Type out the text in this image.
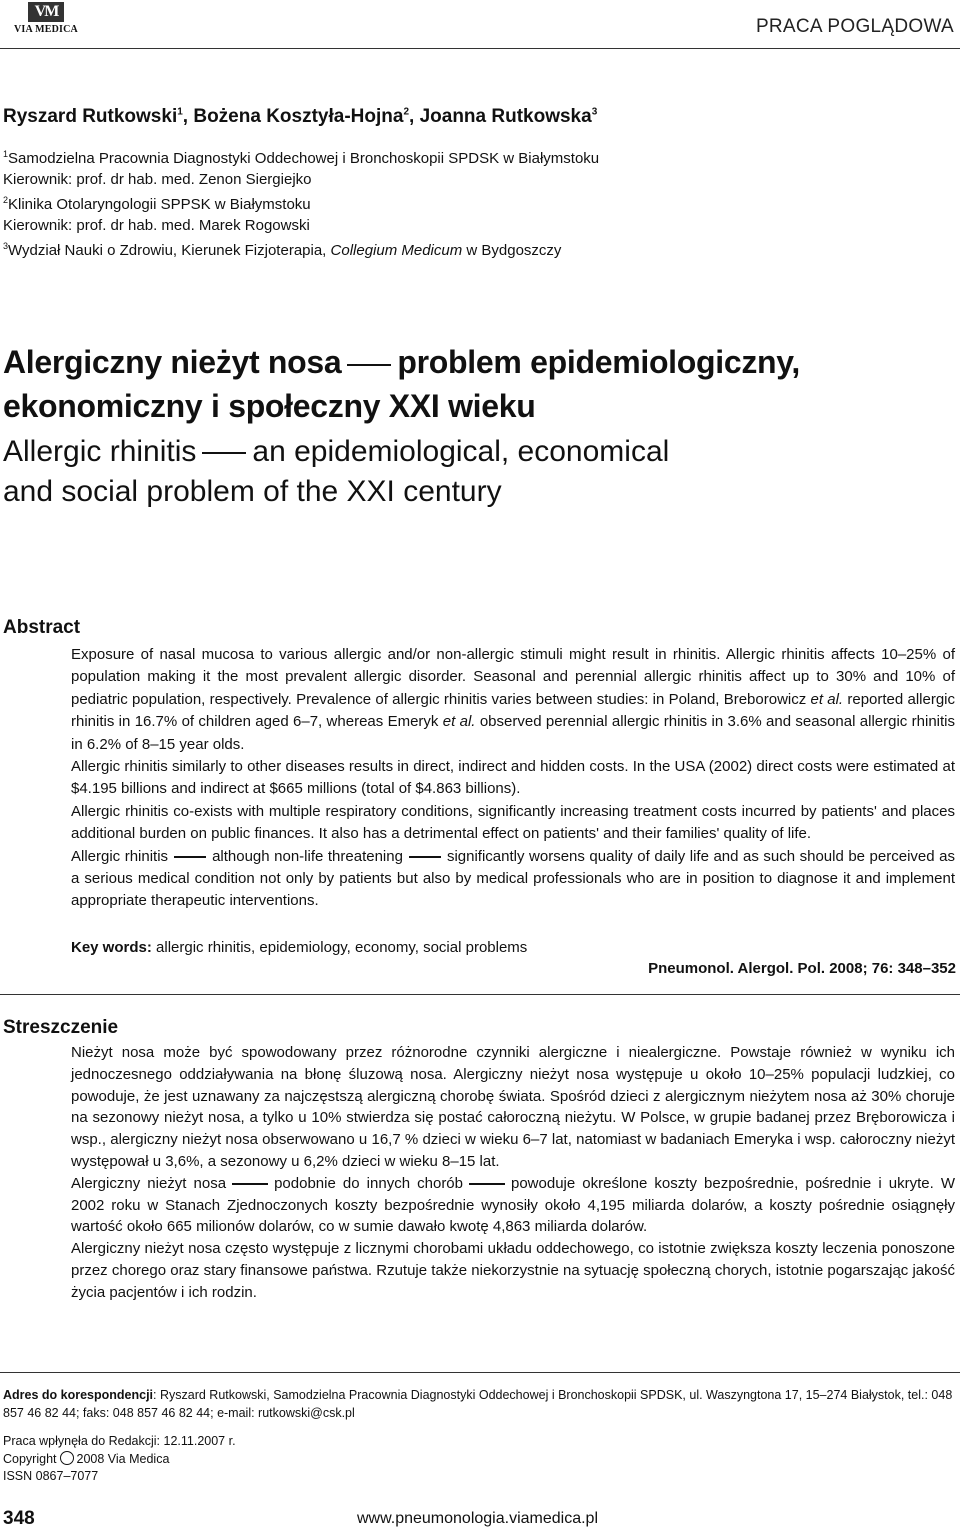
VM
VIA MEDICA	PRACA POGLĄDOWA
Ryszard Rutkowski$^1$, Bożena Kosztyła-Hojna$^2$, Joanna Rutkowska$^3$
$^1$Samodzielna Pracownia Diagnostyki Oddechowej i Bronchoskopii SPDSK w Białymstoku
Kierownik: prof. dr hab. med. Zenon Siergiejko
$^2$Klinika Otolaryngologii SPPSK w Białymstoku
Kierownik: prof. dr hab. med. Marek Rogowski
$^3$Wydział Nauki o Zdrowiu, Kierunek Fizjoterapia, Collegium Medicum w Bydgoszczy
Alergiczny nieżyt nosa problem epidemiologiczny,
ekonomiczny i społeczny XXI wieku
Allergic rhinitis an epidemiological, economical
and social problem of the XXI century
Abstract

Exposure of nasal mucosa to various allergic and/or non-allergic stimuli might result in rhinitis. Allergic rhinitis affects 10–25% of population making it the most prevalent allergic disorder. Seasonal and perennial allergic rhinitis affect up to 30% and 10% of pediatric population, respectively. Prevalence of allergic rhinitis varies between studies: in Poland, Breborowicz et al. reported allergic rhinitis in 16.7% of children aged 6–7, whereas Emeryk et al. observed perennial allergic rhinitis in 3.6% and seasonal allergic rhinitis in 6.2% of 8–15 year olds.

Allergic rhinitis similarly to other diseases results in direct, indirect and hidden costs. In the USA (2002) direct costs were estimated at $4.195 billions and indirect at $665 millions (total of $4.863 billions).

Allergic rhinitis co-exists with multiple respiratory conditions, significantly increasing treatment costs incurred by patients' and places additional burden on public finances. It also has a detrimental effect on patients' and their families' quality of life.

Allergic rhinitis	although non-life threatening	significantly worsens quality of daily life and as such should be perceived as a serious medical condition not only by patients but also by medical professionals who are in position to diagnose it and implement appropriate therapeutic interventions.

Key words: allergic rhinitis, epidemiology, economy, social problems
Pneumonol. Alergol. Pol. 2008; 76: 348–352
Streszczenie

Nieżyt nosa może być spowodowany przez różnorodne czynniki alergiczne i niealergiczne. Powstaje również w wyniku ich jednoczesnego oddziaływania na błonę śluzową nosa. Alergiczny nieżyt nosa występuje u około 10–25% populacji ludzkiej, co powoduje, że jest uznawany za najczęstszą alergiczną chorobę świata. Spośród dzieci z alergicznym nieżytem nosa aż 30% choruje na sezonowy nieżyt nosa, a tylko u 10% stwierdza się postać całoroczną nieżytu. W Polsce, w grupie badanej przez Bręborowicza i wsp., alergiczny nieżyt nosa obserwowano u 16,7 % dzieci w wieku 6–7 lat, natomiast w badaniach Emeryka i wsp. całoroczny nieżyt występował u 3,6%, a sezonowy u 6,2% dzieci w wieku 8–15 lat.

Alergiczny nieżyt nosa	podobnie do innych chorób	powoduje określone koszty bezpośrednie, pośrednie i ukryte. W 2002 roku w Stanach Zjednoczonych koszty bezpośrednie wynosiły około 4,195 miliarda dolarów, a koszty pośrednie osiągnęły wartość około 665 milionów dolarów, co w sumie dawało kwotę 4,863 miliarda dolarów.

Alergiczny nieżyt nosa często występuje z licznymi chorobami układu oddechowego, co istotnie zwiększa koszty leczenia ponoszone przez chorego oraz stary finansowe państwa. Rzutuje także niekorzystnie na sytuację społeczną chorych, istotnie pogarszając jakość życia pacjentów i ich rodzin.

Adres do korespondencji: Ryszard Rutkowski, Samodzielna Pracownia Diagnostyki Oddechowej i Bronchoskopii SPDSK, ul. Waszyngtona 17, 15–274 Białystok, tel.: 048 857 46 82 44; faks: 048 857 46 82 44; e-mail: rutkowski@csk.pl
Praca wpłynęła do Redakcji: 12.11.2007 r.
Copyright 2008 Via Medica
ISSN 0867–7077
348	www.pneumonologia.viamedica.pl
